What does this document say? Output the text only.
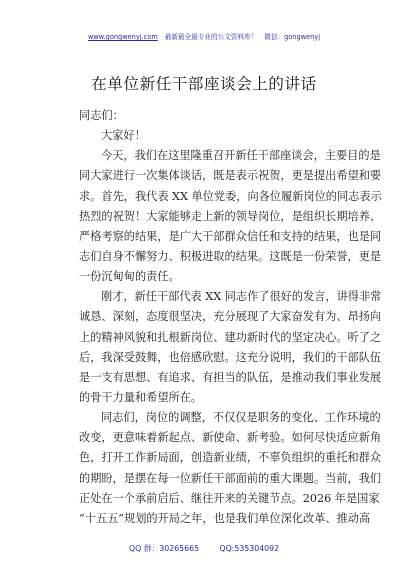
www.gongwenyj.com 最新最全最专业的公文资料库！ 微信：gongwenyj
在单位新任干部座谈会上的讲话
同志们：
大家好！
今天，我们在这里隆重召开新任干部座谈会，主要目的是
同大家进行一次集体谈话，既是表示祝贺，更是提出希望和要
求。首先，我代表 XX 单位党委，向各位履新岗位的同志表示
热烈的祝贺！大家能够走上新的领导岗位，是组织长期培养、
严格考察的结果，是广大干部群众信任和支持的结果，也是同
志们自身不懈努力、积极进取的结果。这既是一份荣誉，更是
一份沉甸甸的责任。
刚才，新任干部代表 XX 同志作了很好的发言，讲得非常
诚恳、深刻，态度很坚决，充分展现了大家奋发有为、昂扬向
上的精神风貌和扎根新岗位、建功新时代的坚定决心。听了之
后，我深受鼓舞，也倍感欣慰。这充分说明，我们的干部队伍
是一支有思想、有追求、有担当的队伍，是推动我们事业发展
的骨干力量和希望所在。
同志们，岗位的调整，不仅仅是职务的变化、工作环境的
改变，更意味着新起点、新使命、新考验。如何尽快适应新角
色，打开工作新局面，创造新业绩，不辜负组织的重托和群众
的期盼，是摆在每一位新任干部面前的重大课题。当前，我们
正处在一个承前启后、继往开来的关键节点。2026 年是国家
“十五五”规划的开局之年，也是我们单位深化改革、推动高
QQ 群：30265665	QQ:535304092
